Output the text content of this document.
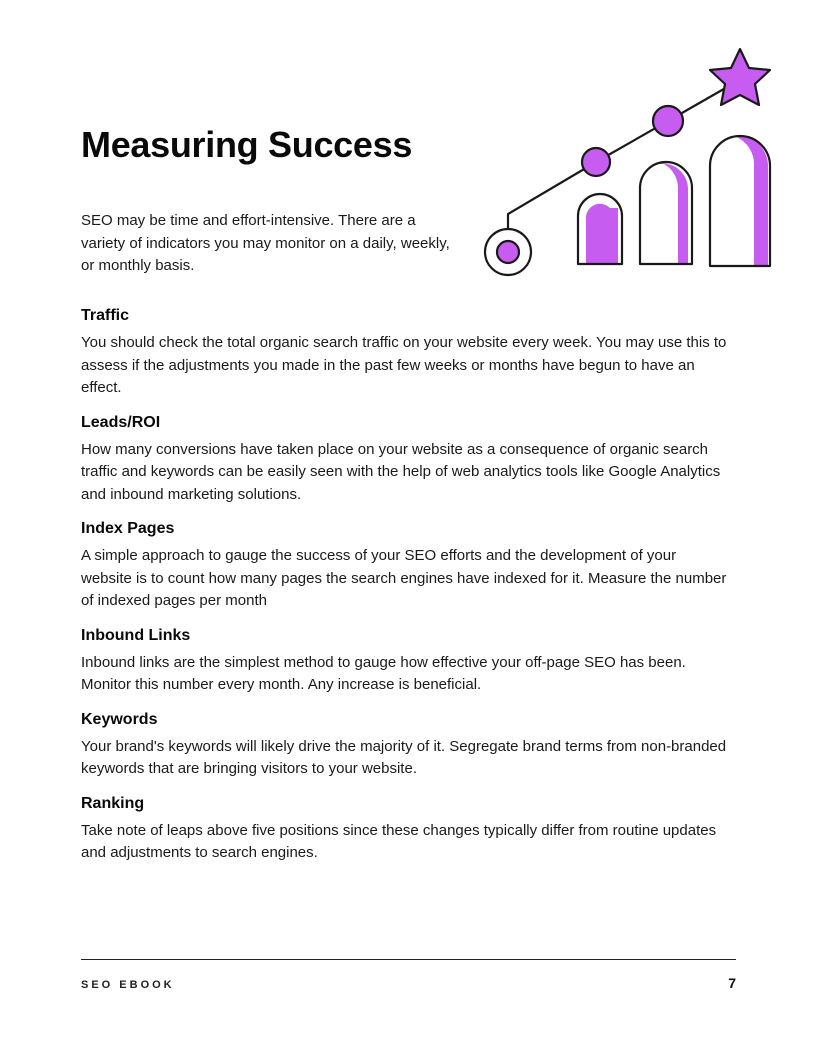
Measuring Success

SEO may be time and effort-intensive. There are a variety of indicators you may monitor on a daily, weekly, or monthly basis.

Traffic

You should check the total organic search traffic on your website every week. You may use this to assess if the adjustments you made in the past few weeks or months have begun to have an effect.

Leads/ROI

How many conversions have taken place on your website as a consequence of organic search traffic and keywords can be easily seen with the help of web analytics tools like Google Analytics and inbound marketing solutions.

Index Pages

A simple approach to gauge the success of your SEO efforts and the development of your website is to count how many pages the search engines have indexed for it. Measure the number of indexed pages per month

Inbound Links

Inbound links are the simplest method to gauge how effective your off-page SEO has been. Monitor this number every month. Any increase is beneficial.

Keywords

Your brand's keywords will likely drive the majority of it. Segregate brand terms from non-branded keywords that are bringing visitors to your website.

Ranking

Take note of leaps above five positions since these changes typically differ from routine updates and adjustments to search engines.

SEO EBOOK	7
